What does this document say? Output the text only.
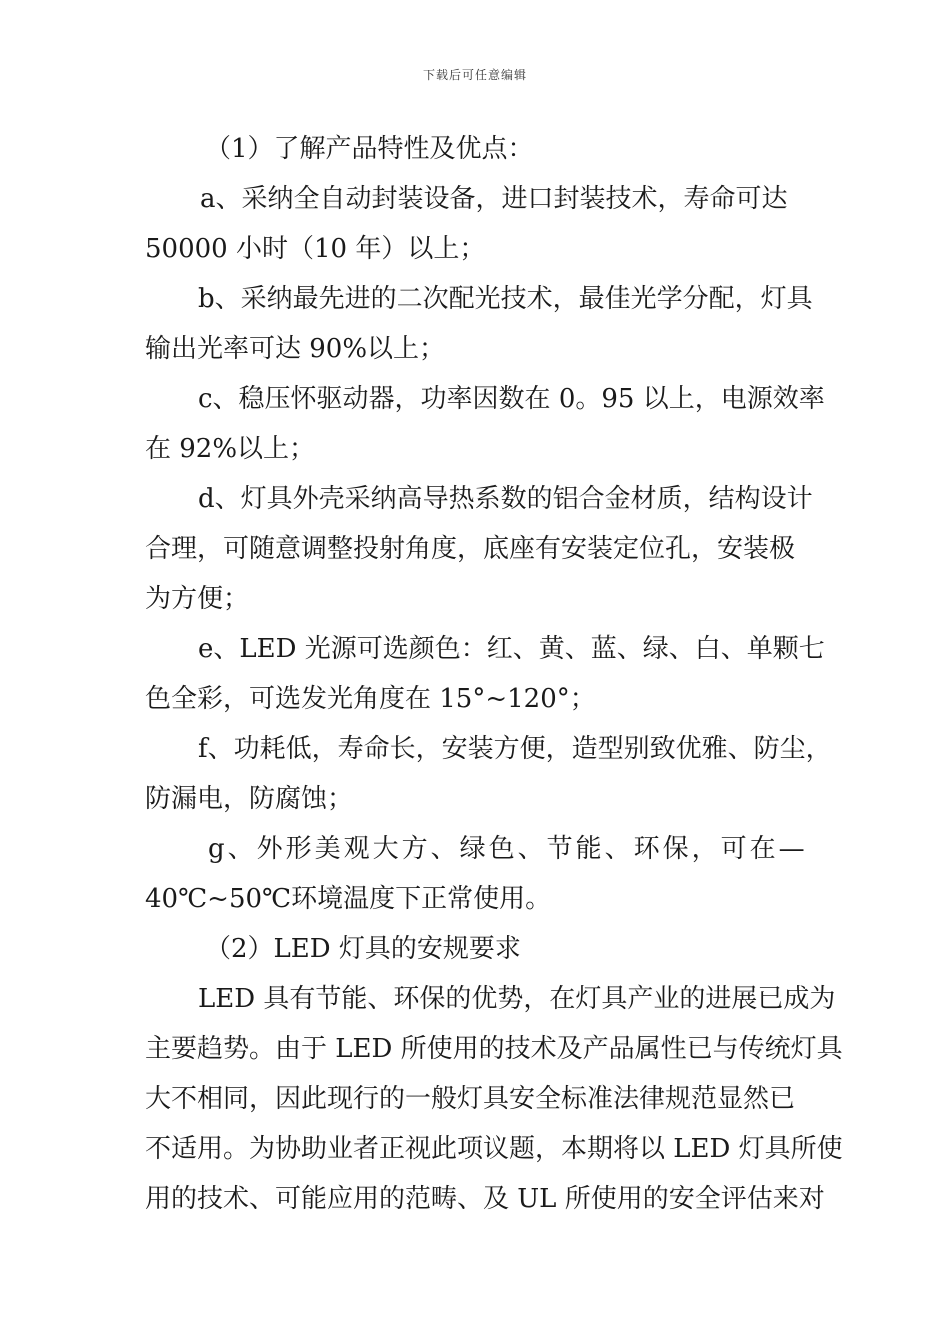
下载后可任意编辑
（1）了解产品特性及优点：
a、采纳全自动封装设备，进口封装技术，寿命可达
50000 小时（10 年）以上；
b、采纳最先进的二次配光技术，最佳光学分配，灯具
输出光率可达 90%以上；
c、稳压怀驱动器，功率因数在 0。95 以上，电源效率
在 92%以上；
d、灯具外壳采纳高导热系数的铝合金材质，结构设计
合理，可随意调整投射角度，底座有安装定位孔，安装极
为方便；
e、LED 光源可选颜色：红、黄、蓝、绿、白、单颗七
色全彩，可选发光角度在 15°~120°；
f、功耗低，寿命长，安装方便，造型别致优雅、防尘，
防漏电，防腐蚀；
g、外形美观大方、绿色、节能、环保，可在—
40℃~50℃环境温度下正常使用。
（2）LED 灯具的安规要求
LED 具有节能、环保的优势，在灯具产业的进展已成为
主要趋势。由于 LED 所使用的技术及产品属性已与传统灯具
大不相同，因此现行的一般灯具安全标准法律规范显然已
不适用。为协助业者正视此项议题，本期将以 LED 灯具所使
用的技术、可能应用的范畴、及 UL 所使用的安全评估来对
